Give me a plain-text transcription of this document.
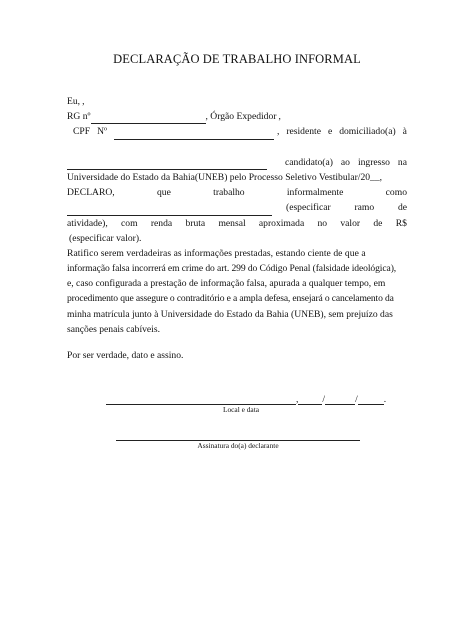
DECLARAÇÃO DE TRABALHO INFORMAL
Eu, ,
RG nº	, Órgão Expedidor ,
CPF Nº	, residente e domiciliado(a) à
candidato(a) ao ingresso na
Universidade do Estado da Bahia(UNEB) pelo Processo Seletivo Vestibular/20__,
DECLARO,	que	trabalho	informalmente	como
(especificar ramo de
atividade), com renda bruta mensal aproximada no valor de R$
(especificar valor).
Ratifico serem verdadeiras as informações prestadas, estando ciente de que a
informação falsa incorrerá em crime do art. 299 do Código Penal (falsidade ideológica),
e, caso configurada a prestação de informação falsa, apurada a qualquer tempo, em
procedimento que assegure o contraditório e a ampla defesa, ensejará o cancelamento da
minha matrícula junto à Universidade do Estado da Bahia (UNEB), sem prejuízo das
sanções penais cabíveis.
Por ser verdade, dato e assino.
,	/	/	.
Local e data
Assinatura do(a) declarante
